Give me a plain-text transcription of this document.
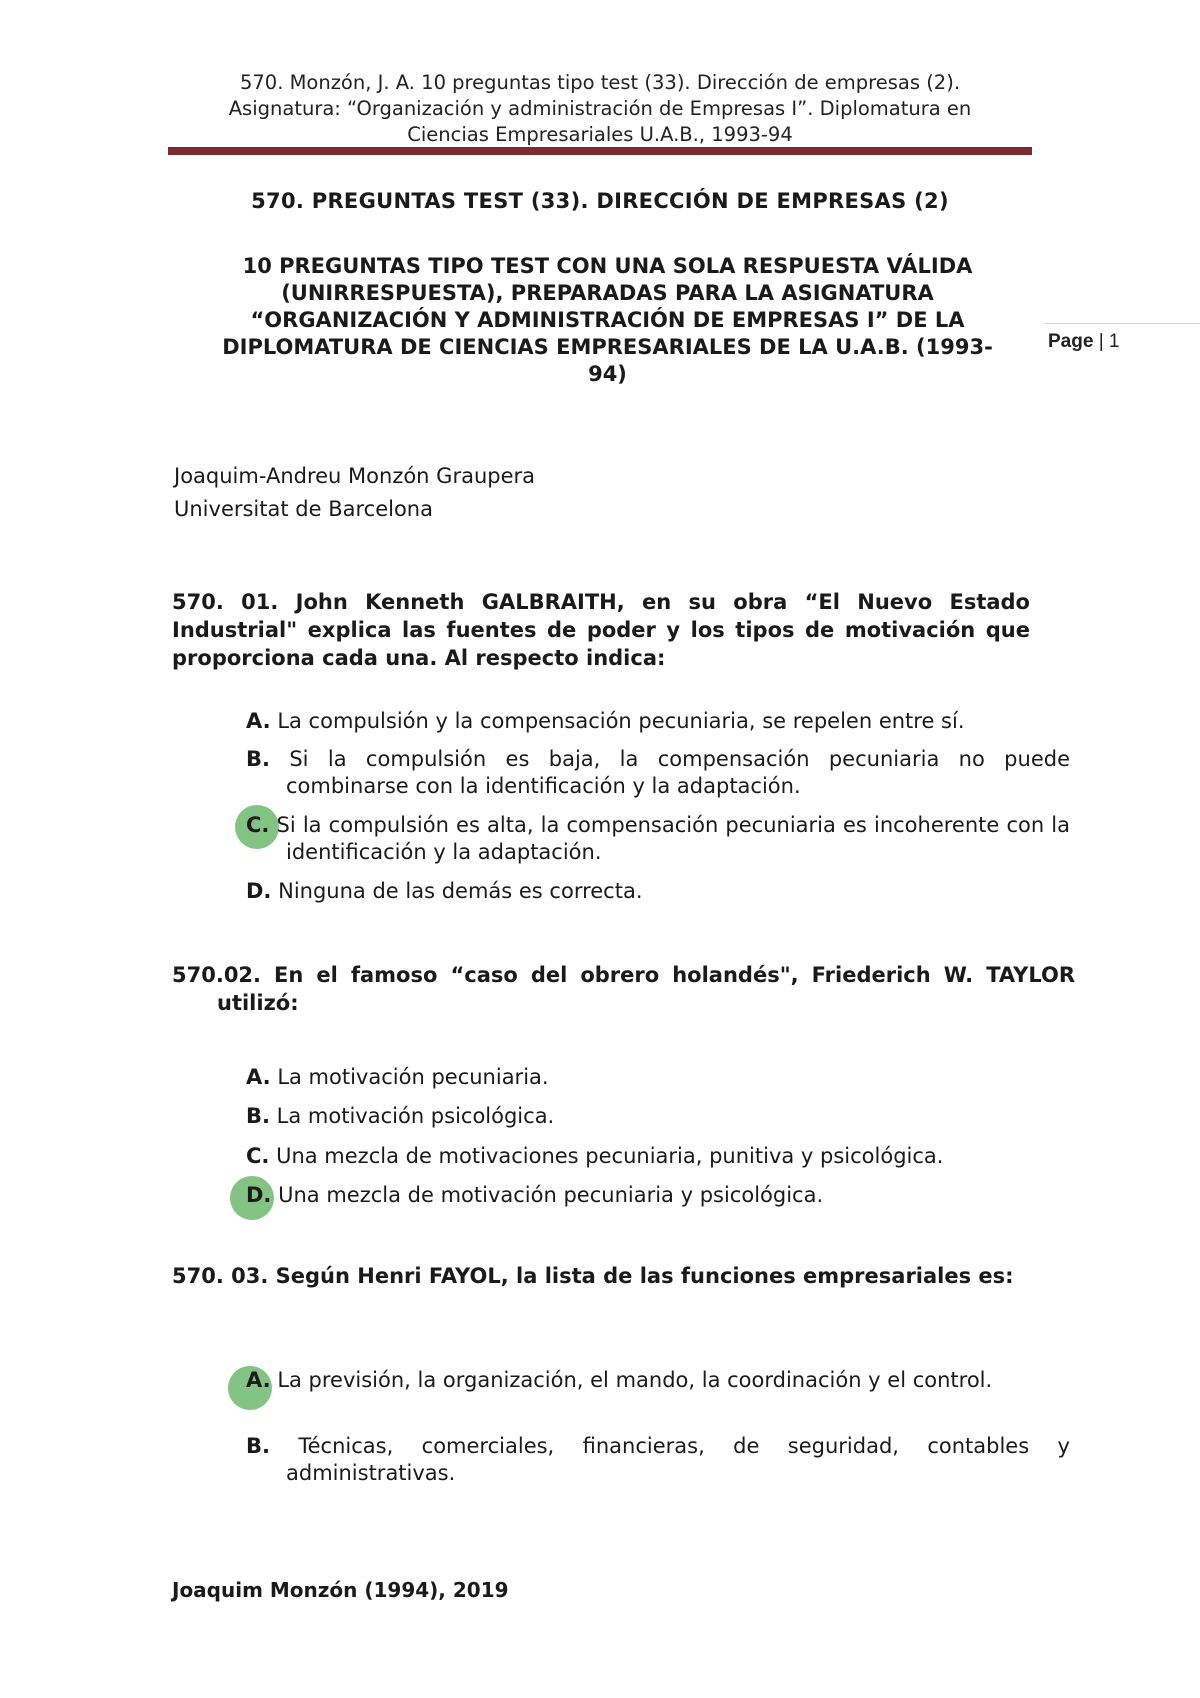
570. Monzón, J. A. 10 preguntas tipo test (33). Dirección de empresas (2).
Asignatura: “Organización y administración de Empresas I”. Diplomatura en
Ciencias Empresariales U.A.B., 1993-94
Page | 1
570. PREGUNTAS TEST (33). DIRECCIÓN DE EMPRESAS (2)
10 PREGUNTAS TIPO TEST CON UNA SOLA RESPUESTA VÁLIDA (UNIRRESPUESTA), PREPARADAS PARA LA ASIGNATURA “ORGANIZACIÓN Y ADMINISTRACIÓN DE EMPRESAS I” DE LA DIPLOMATURA DE CIENCIAS EMPRESARIALES DE LA U.A.B. (1993-94)
Joaquim-Andreu Monzón Graupera
Universitat de Barcelona
570. 01. John Kenneth GALBRAITH, en su obra “El Nuevo Estado Industrial" explica las fuentes de poder y los tipos de motivación que proporciona cada una. Al respecto indica:
A. La compulsión y la compensación pecuniaria, se repelen entre sí.
B. Si la compulsión es baja, la compensación pecuniaria no puede combinarse con la identificación y la adaptación.
C. Si la compulsión es alta, la compensación pecuniaria es incoherente con la identificación y la adaptación.
D. Ninguna de las demás es correcta.
570.02. En el famoso “caso del obrero holandés", Friederich W. TAYLOR utilizó:
A. La motivación pecuniaria.
B. La motivación psicológica.
C. Una mezcla de motivaciones pecuniaria, punitiva y psicológica.
D. Una mezcla de motivación pecuniaria y psicológica.
570. 03. Según Henri FAYOL, la lista de las funciones empresariales es:
A. La previsión, la organización, el mando, la coordinación y el control.
B. Técnicas, comerciales, financieras, de seguridad, contables y administrativas.
Joaquim Monzón (1994), 2019
